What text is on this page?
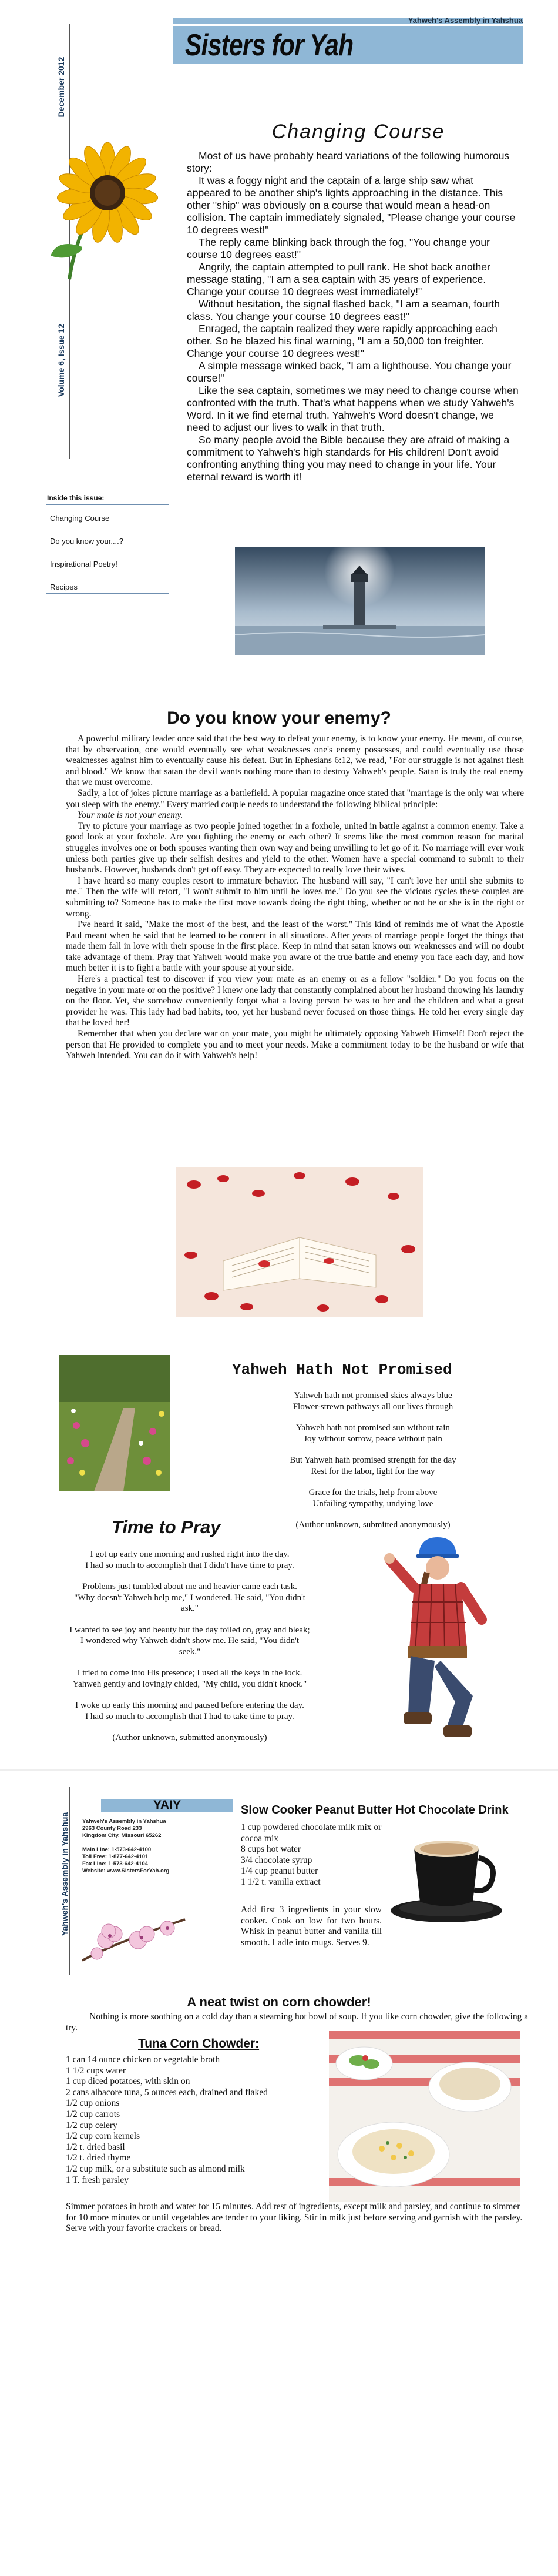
Yahweh's Assembly in Yahshua
Sisters for Yah
December 2012
Volume 6, Issue 12
Changing Course

Most of us have probably heard variations of the following humorous story:

It was a foggy night and the captain of a large ship saw what appeared to be another ship's lights approaching in the distance. This other "ship" was obviously on a course that would mean a head-on collision. The captain immediately signaled, "Please change your course 10 degrees west!"

The reply came blinking back through the fog, "You change your course 10 degrees east!"

Angrily, the captain attempted to pull rank. He shot back another message stating, "I am a sea captain with 35 years of experience. Change your course 10 degrees west immediately!"

Without hesitation, the signal flashed back, "I am a seaman, fourth class. You change your course 10 degrees east!"

Enraged, the captain realized they were rapidly approaching each other. So he blazed his final warning, "I am a 50,000 ton freighter. Change your course 10 degrees west!"

A simple message winked back, "I am a lighthouse. You change your course!"

Like the sea captain, sometimes we may need to change course when confronted with the truth. That's what happens when we study Yahweh's Word. In it we find eternal truth. Yahweh's Word doesn't change, we need to adjust our lives to walk in that truth.

So many people avoid the Bible because they are afraid of making a commitment to Yahweh's high standards for His children! Don't avoid confronting anything thing you may need to change in your life. Your eternal reward is worth it!

Inside this issue:
Changing Course
Do you know your....?
Inspirational Poetry!
Recipes
Do you know your enemy?

A powerful military leader once said that the best way to defeat your enemy, is to know your enemy. He meant, of course, that by observation, one would eventually see what weaknesses one's enemy possesses, and could eventually use those weaknesses against him to eventually cause his defeat. But in Ephesians 6:12, we read, "For our struggle is not against flesh and blood." We know that satan the devil wants nothing more than to destroy Yahweh's people. Satan is truly the real enemy that we must overcome.

Sadly, a lot of jokes picture marriage as a battlefield. A popular magazine once stated that "marriage is the only war where you sleep with the enemy." Every married couple needs to understand the following biblical principle:

Your mate is not your enemy.

Try to picture your marriage as two people joined together in a foxhole, united in battle against a common enemy. Take a good look at your foxhole. Are you fighting the enemy or each other? It seems like the most common reason for marital struggles involves one or both spouses wanting their own way and being unwilling to let go of it. No marriage will ever work unless both parties give up their selfish desires and yield to the other. Women have a special command to submit to their husbands. However, husbands don't get off easy. They are expected to really love their wives.

I have heard so many couples resort to immature behavior. The husband will say, "I can't love her until she submits to me." Then the wife will retort, "I won't submit to him until he loves me." Do you see the vicious cycles these couples are submitting to? Someone has to make the first move towards doing the right thing, whether or not he or she is in the right or wrong.

I've heard it said, "Make the most of the best, and the least of the worst." This kind of reminds me of what the Apostle Paul meant when he said that he learned to be content in all situations. After years of marriage people forget the things that made them fall in love with their spouse in the first place. Keep in mind that satan knows our weaknesses and will no doubt take advantage of them. Pray that Yahweh would make you aware of the true battle and enemy you face each day, and how much better it is to fight a battle with your spouse at your side.

Here's a practical test to discover if you view your mate as an enemy or as a fellow "soldier." Do you focus on the negative in your mate or on the positive? I knew one lady that constantly complained about her husband throwing his laundry on the floor. Yet, she somehow conveniently forgot what a loving person he was to her and the children and what a great provider he was. This lady had bad habits, too, yet her husband never focused on those things. He told her every single day that he loved her!

Remember that when you declare war on your mate, you might be ultimately opposing Yahweh Himself! Don't reject the person that He provided to complete you and to meet your needs. Make a commitment today to be the husband or wife that Yahweh intended. You can do it with Yahweh's help!

Yahweh Hath Not Promised
Yahweh hath not promised skies always blue
Flower-strewn pathways all our lives through
Yahweh hath not promised sun without rain
Joy without sorrow, peace without pain
But Yahweh hath promised strength for the day
Rest for the labor, light for the way
Grace for the trials, help from above
Unfailing sympathy, undying love
(Author unknown, submitted anonymously)
Time to Pray
I got up early one morning and rushed right into the day.
I had so much to accomplish that I didn't have time to pray.
Problems just tumbled about me and heavier came each task.
"Why doesn't Yahweh help me," I wondered. He said, "You didn't ask."
I wanted to see joy and beauty but the day toiled on, gray and bleak;
I wondered why Yahweh didn't show me. He said, "You didn't seek."
I tried to come into His presence; I used all the keys in the lock.
Yahweh gently and lovingly chided, "My child, you didn't knock."
I woke up early this morning and paused before entering the day.
I had so much to accomplish that I had to take time to pray.
(Author unknown, submitted anonymously)
Yahweh's Assembly in Yahshua
YAIY
Yahweh's Assembly in Yahshua
2963 County Road 233
Kingdom City, Missouri 65262
Main Line: 1-573-642-4100
Toll Free: 1-877-642-4101
Fax Line: 1-573-642-4104
Website: www.SistersForYah.org
Slow Cooker Peanut Butter Hot Chocolate Drink
1 cup powdered chocolate milk mix or cocoa mix
8 cups hot water
3/4 chocolate syrup
1/4 cup peanut butter
1 1/2 t. vanilla extract
Add first 3 ingredients in your slow cooker. Cook on low for two hours. Whisk in peanut butter and vanilla till smooth. Ladle into mugs. Serves 9.
A neat twist on corn chowder!
Nothing is more soothing on a cold day than a steaming hot bowl of soup. If you like corn chowder, give the following a try.
Tuna Corn Chowder:
1 can 14 ounce chicken or vegetable broth
1 1/2 cups water
1 cup diced potatoes, with skin on
2 cans albacore tuna, 5 ounces each, drained and flaked
1/2 cup onions
1/2 cup carrots
1/2 cup celery
1/2 cup corn kernels
1/2 t. dried basil
1/2 t. dried thyme
1/2 cup milk, or a substitute such as almond milk
1 T. fresh parsley
Simmer potatoes in broth and water for 15 minutes. Add rest of ingredients, except milk and parsley, and continue to simmer for 10 more minutes or until vegetables are tender to your liking. Stir in milk just before serving and garnish with the parsley. Serve with your favorite crackers or bread.
